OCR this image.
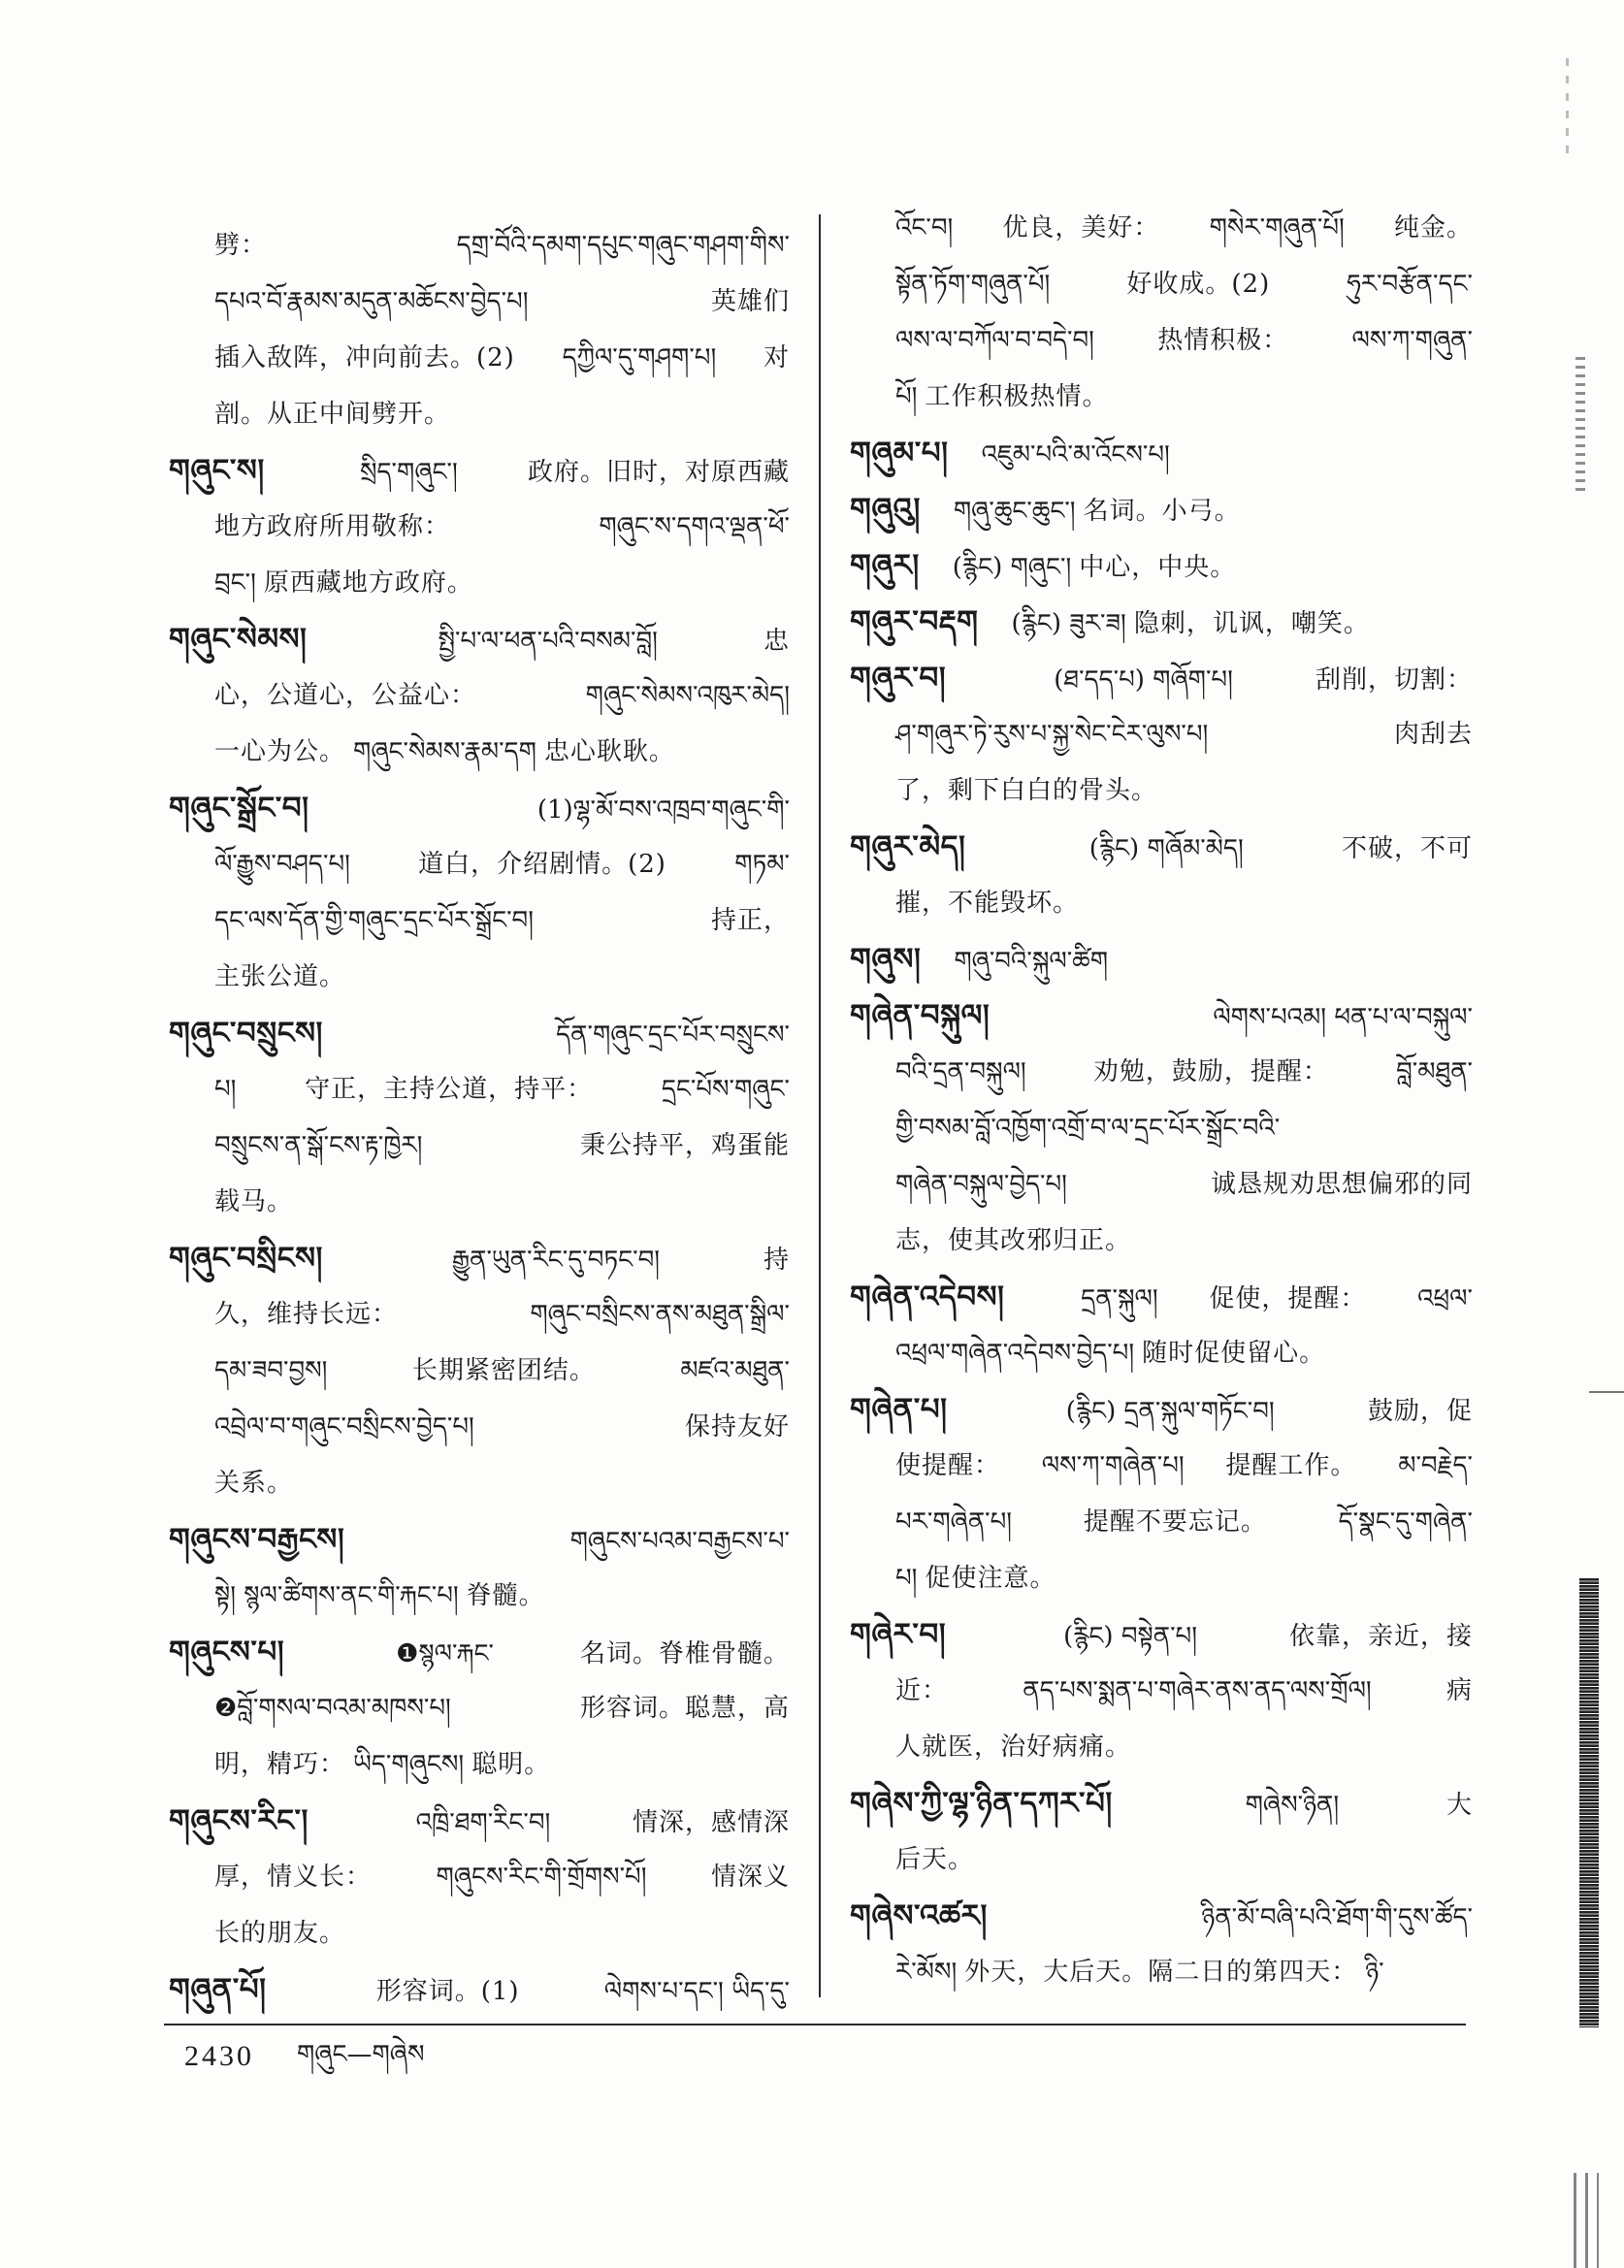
劈：	དགྲ་བོའི་དམག་དཔུང་གཞུང་གཤག་གིས་
དཔའ་བོ་རྣམས་མདུན་མཆོངས་བྱེད་པ།	英雄们
插入敌阵，冲向前去。(2) དཀྱིལ་དུ་གཤག་པ། 对
剖。从正中间劈开。
གཞུང་ས།	སྲིད་གཞུང་།	政府。旧时，对原西藏
地方政府所用敬称：	གཞུང་ས་དགའ་ལྡན་ཕོ་
བྲང་། 原西藏地方政府。
གཞུང་སེམས།	སྤྱི་པ་ལ་ཕན་པའི་བསམ་བློ།	忠
心，公道心，公益心：	གཞུང་སེམས་འཁུར་མེད།
一心为公。 གཞུང་སེམས་རྣམ་དག 忠心耿耿。
གཞུང་སྒྲོང་བ།	(1)ལྷ་མོ་བས་འཁྲབ་གཞུང་གི་
ལོ་རྒྱུས་བཤད་པ།	道白，介绍剧情。(2)	གཏམ་
དང་ལས་དོན་གྱི་གཞུང་དྲང་པོར་སྒྲོང་བ།	持正，
主张公道。
གཞུང་བསྲུངས།	དོན་གཞུང་དྲང་པོར་བསྲུངས་
པ།	守正，主持公道，持平：	དྲང་པོས་གཞུང་
བསྲུངས་ན་སྒོ་ངས་རྟ་ཁྱེར།	秉公持平，鸡蛋能
载马。
གཞུང་བསྲིངས།	རྒྱུན་ཡུན་རིང་དུ་བཏང་བ།	持
久，维持长远：	གཞུང་བསྲིངས་ནས་མཐུན་སྒྲིལ་
དམ་ཟབ་བྱས།	长期紧密团结。	མཛའ་མཐུན་
འབྲེལ་བ་གཞུང་བསྲིངས་བྱེད་པ།	保持友好
关系。
གཞུངས་བརྒྱངས།	གཞུངས་པའམ་བརྒྱངས་པ་
སྟེ། སྙལ་ཚིགས་ནང་གི་རྐང་པ། 脊髓。
གཞུངས་པ།	❶སྙལ་རྐང་	名词。脊椎骨髓。
❷བློ་གསལ་བའམ་མཁས་པ།	形容词。聪慧，高
明，精巧： ཡིད་གཞུངས། 聪明。
གཞུངས་རིང་།	འཁྲི་ཐག་རིང་བ།	情深，感情深
厚，情义长：	གཞུངས་རིང་གི་གྲོགས་པོ།	情深义
长的朋友。
གཞུན་པོ།	形容词。(1)	ལེགས་པ་དང་། ཡིད་དུ་
འོང་བ། 优良，美好： གསེར་གཞུན་པོ། 纯金。
སྟོན་ཏོག་གཞུན་པོ།	好收成。(2)	ཧུར་བརྩོན་དང་
ལས་ལ་བཀོལ་བ་བདེ་བ།	热情积极：	ལས་ཀ་གཞུན་
པོ། 工作积极热情。
གཞུམ་པ། འཇུམ་པའི་མ་འོངས་པ།
གཞུའུ། གཞུ་ཆུང་ཆུང་། 名词。小弓。
གཞུར། (རྙིང) གཞུང་། 中心，中央。
གཞུར་བརྡག (རྙིང) ཟུར་ཟ། 隐刺，讥讽，嘲笑。
གཞུར་བ།	(ཐ་དད་པ) གཞོག་པ།	刮削，切割：
ཤ་གཞུར་ཏེ་རུས་པ་སྐྱ་སེང་ངེར་ལུས་པ།	肉刮去
了，剩下白白的骨头。
གཞུར་མེད།	(རྙིང) གཞོམ་མེད།	不破，不可
摧，不能毁坏。
གཞུས། གཞུ་བའི་སྐུལ་ཚིག
གཞེན་བསྐུལ།	ལེགས་པའམ། ཕན་པ་ལ་བསྐུལ་
བའི་དྲན་བསྐུལ།	劝勉，鼓励，提醒：	བློ་མཐུན་
གྱི་བསམ་བློ་འཁྱོག་འགྲོ་བ་ལ་དྲང་པོར་སྒྲོང་བའི་
གཞེན་བསྐུལ་བྱེད་པ།	诚恳规劝思想偏邪的同
志，使其改邪归正。
གཞེན་འདེབས།	དྲན་སྐུལ། 促使，提醒： འཕྲལ་
འཕྲལ་གཞེན་འདེབས་བྱེད་པ། 随时促使留心。
གཞེན་པ།	(རྙིང) དྲན་སྐུལ་གཏོང་བ།	鼓励，促
使提醒： ལས་ཀ་གཞེན་པ། 提醒工作。 མ་བརྗེད་
པར་གཞེན་པ།	提醒不要忘记。	དོ་སྣང་དུ་གཞེན་
པ། 促使注意。
གཞེར་བ།	(རྙིང) བསྟེན་པ།	依靠，亲近，接
近：	ནད་པས་སྨན་པ་གཞེར་ནས་ནད་ལས་གྲོལ།	病
人就医，治好病痛。
གཞེས་ཀྱི་ལྷ་ཉིན་དཀར་པོ།	གཞེས་ཉིན།	大
后天。
གཞེས་འཚར།	ཉིན་མོ་བཞི་པའི་ཐོག་གི་དུས་ཚོད་
རེ་མོས། 外天，大后天。隔二日的第四天： ཉི་
2430 གཞུང—གཞེས
